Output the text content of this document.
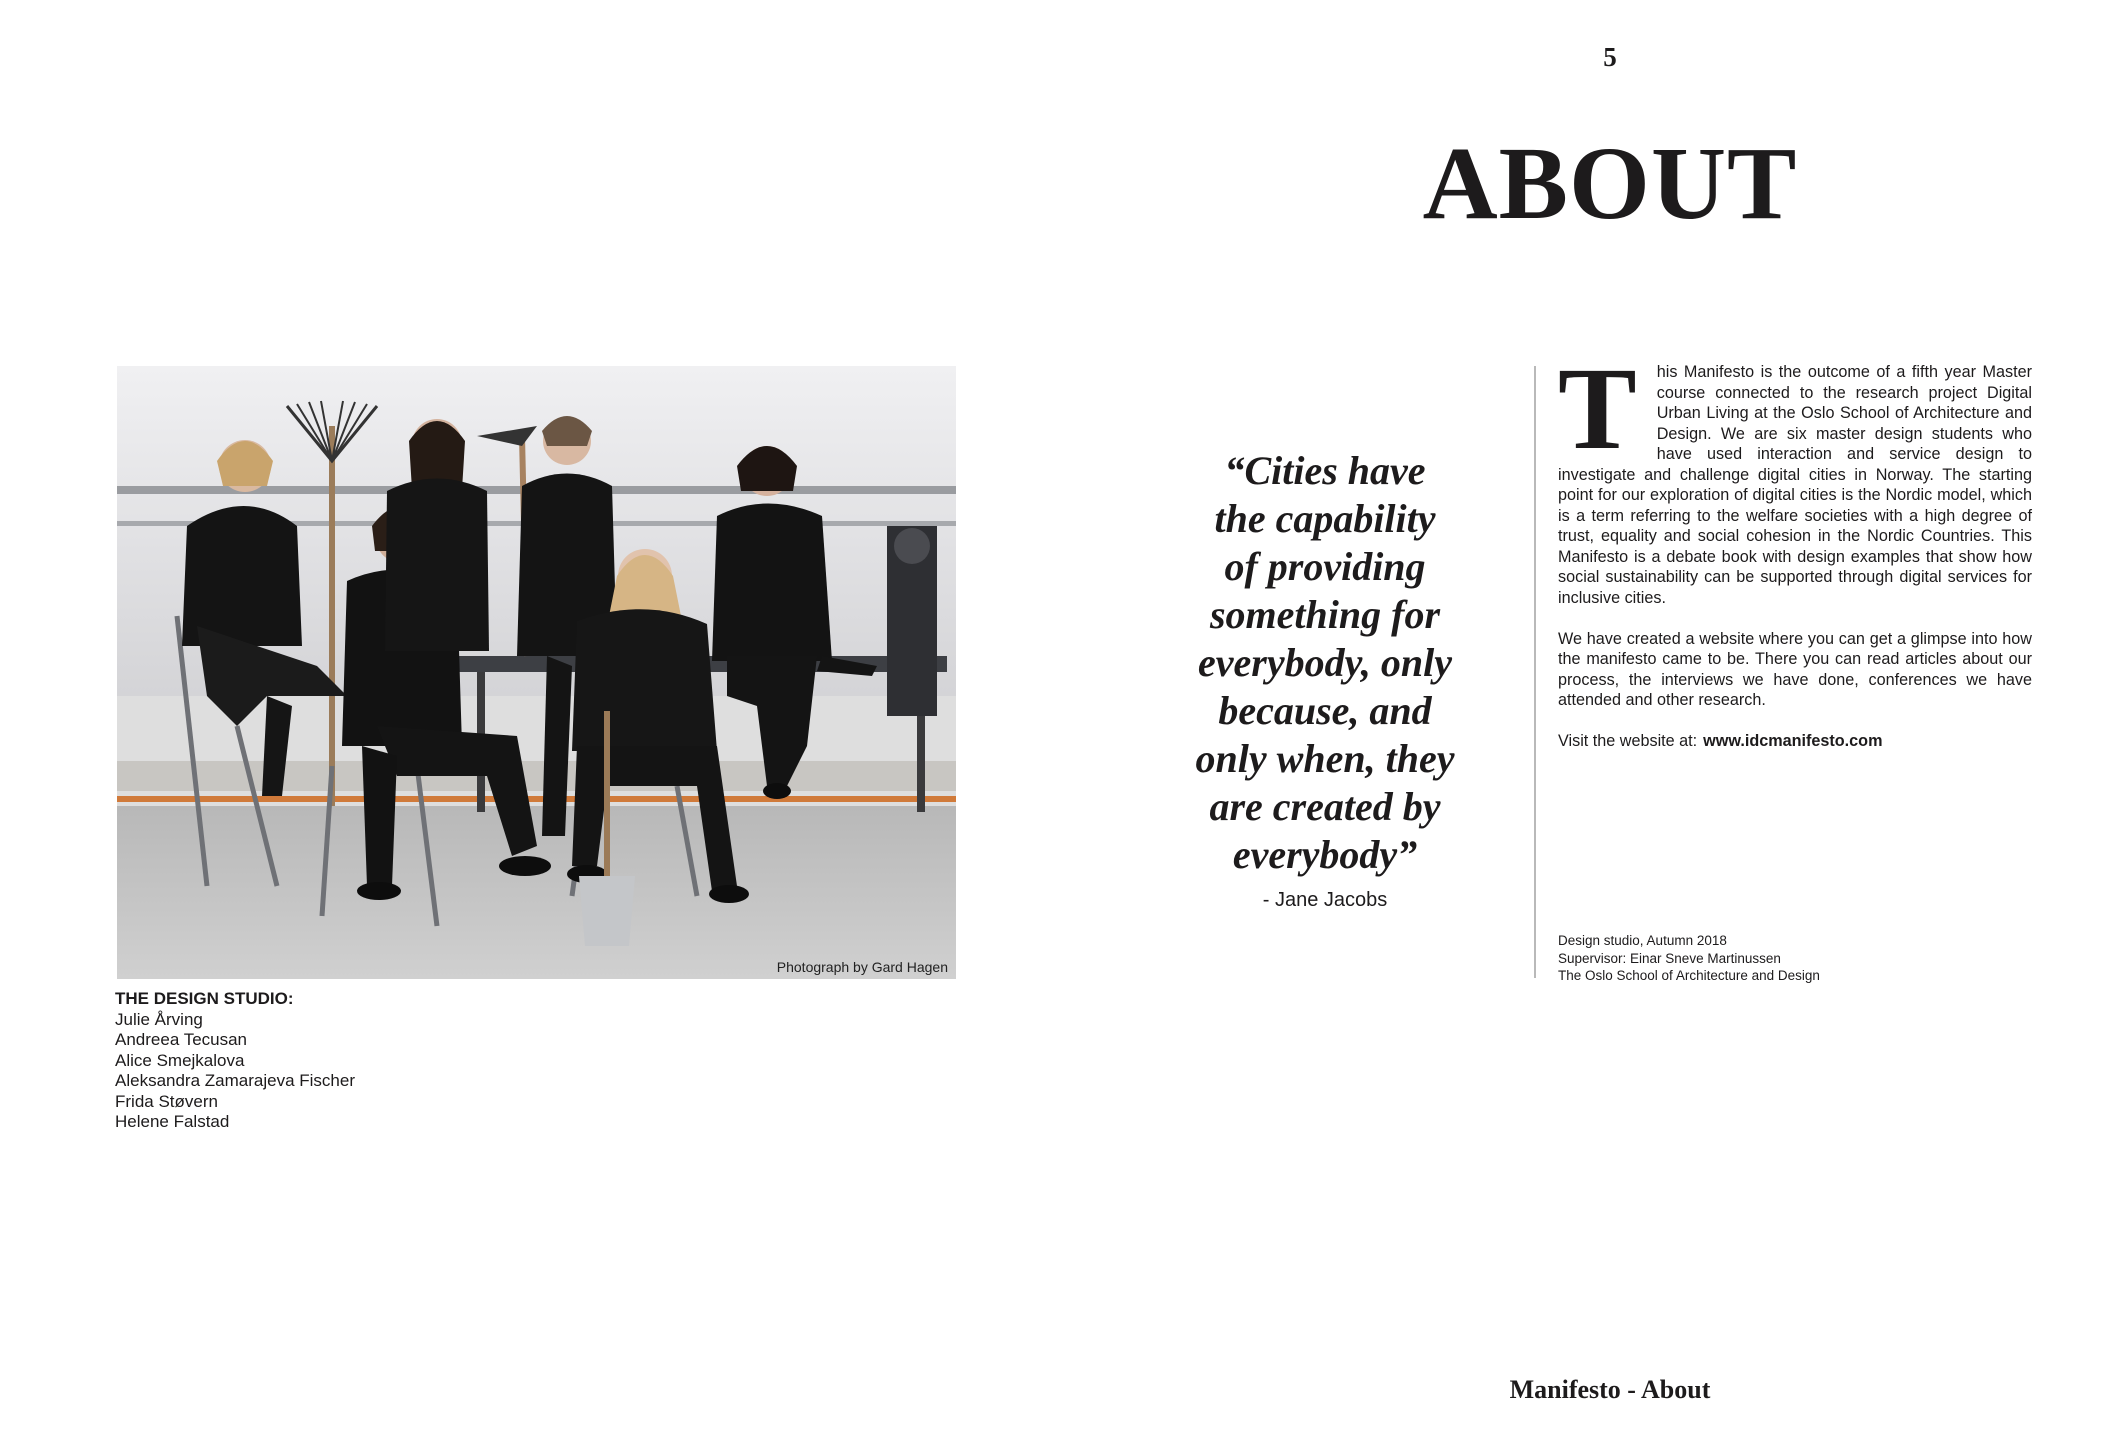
5
ABOUT
Photograph by Gard Hagen
THE DESIGN STUDIO:
Julie Årving
Andreea Tecusan
Alice Smejkalova
Aleksandra Zamarajeva Fischer
Frida Støvern
Helene Falstad
“Cities have
the capability
of providing
something for
everybody, only
because, and
only when, they
are created by
everybody”
- Jane Jacobs

T his Manifesto is the outcome of a fifth year Master course connected to the research project Digital Urban Living at the Oslo School of Architecture and Design. We are six master design students who have used interaction and service design to investigate and challenge digital cities in Norway. The starting point for our exploration of digital cities is the Nordic model, which is a term referring to the welfare societies with a high degree of trust, equality and social cohesion in the Nordic Countries. This Manifesto is a debate book with design examples that show how social sustainability can be supported through digital services for inclusive cities.

We have created a website where you can get a glimpse into how the manifesto came to be. There you can read articles about our process, the interviews we have done, conferences we have attended and other research.

Visit the website at: www.idcmanifesto.com

Design studio, Autumn 2018
Supervisor: Einar Sneve Martinussen
The Oslo School of Architecture and Design
Manifesto - About
